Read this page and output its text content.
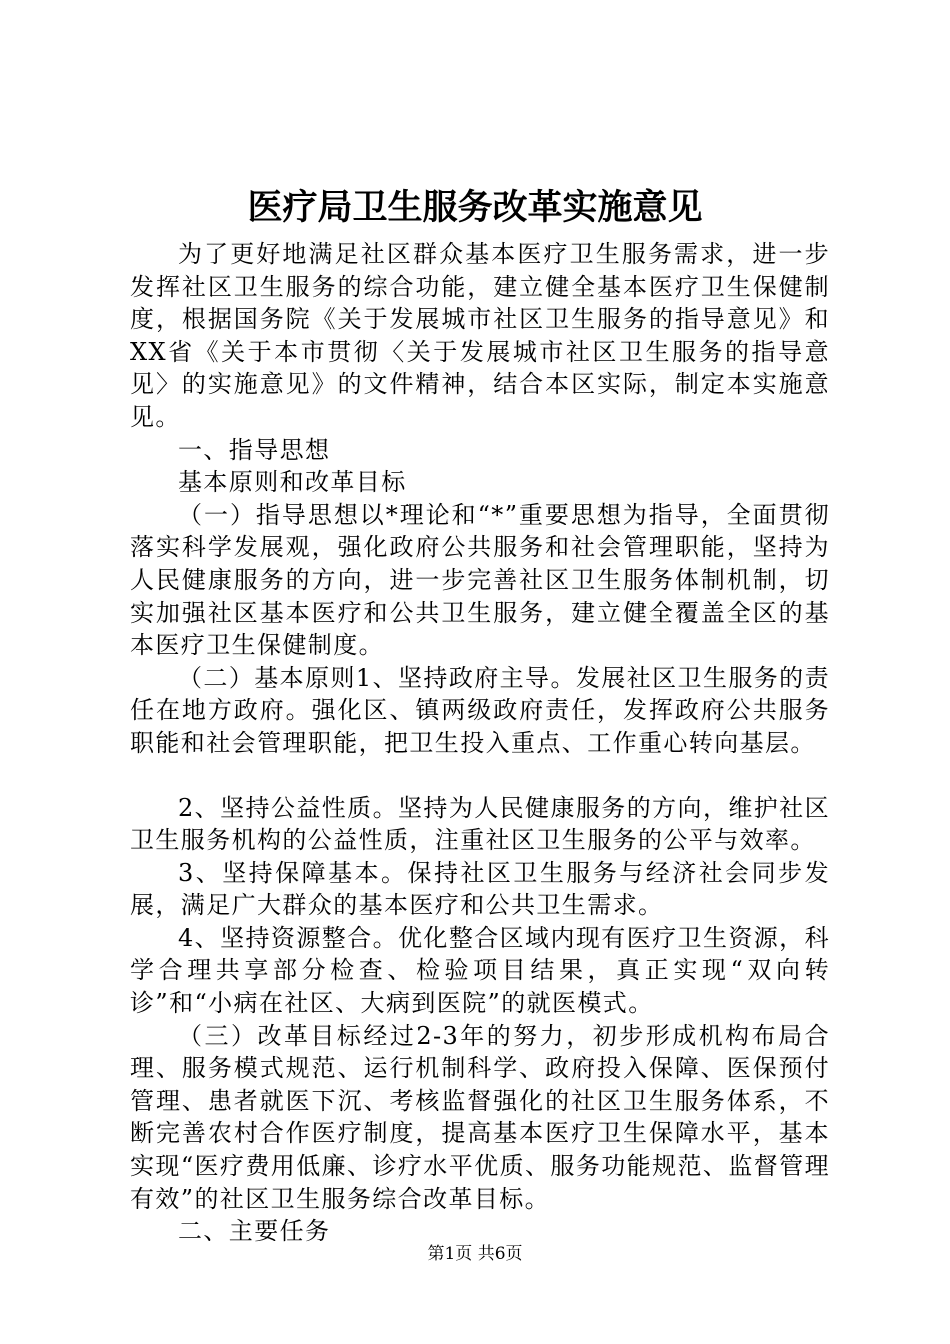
医疗局卫生服务改革实施意见

为了更好地满足社区群众基本医疗卫生服务需求，进一步发挥社区卫生服务的综合功能，建立健全基本医疗卫生保健制度，根据国务院《关于发展城市社区卫生服务的指导意见》和XX省《关于本市贯彻〈关于发展城市社区卫生服务的指导意见〉的实施意见》的文件精神，结合本区实际，制定本实施意见。

一、指导思想

基本原则和改革目标

（一）指导思想以*理论和“*”重要思想为指导，全面贯彻落实科学发展观，强化政府公共服务和社会管理职能，坚持为人民健康服务的方向，进一步完善社区卫生服务体制机制，切实加强社区基本医疗和公共卫生服务，建立健全覆盖全区的基本医疗卫生保健制度。

（二）基本原则1、坚持政府主导。发展社区卫生服务的责任在地方政府。强化区、镇两级政府责任，发挥政府公共服务职能和社会管理职能，把卫生投入重点、工作重心转向基层。

2、坚持公益性质。坚持为人民健康服务的方向，维护社区卫生服务机构的公益性质，注重社区卫生服务的公平与效率。

3、坚持保障基本。保持社区卫生服务与经济社会同步发展，满足广大群众的基本医疗和公共卫生需求。

4、坚持资源整合。优化整合区域内现有医疗卫生资源，科学合理共享部分检查、检验项目结果，真正实现“双向转诊”和“小病在社区、大病到医院”的就医模式。

（三）改革目标经过2-3年的努力，初步形成机构布局合理、服务模式规范、运行机制科学、政府投入保障、医保预付管理、患者就医下沉、考核监督强化的社区卫生服务体系，不断完善农村合作医疗制度，提高基本医疗卫生保障水平，基本实现“医疗费用低廉、诊疗水平优质、服务功能规范、监督管理有效”的社区卫生服务综合改革目标。

二、主要任务

第1页 共6页
